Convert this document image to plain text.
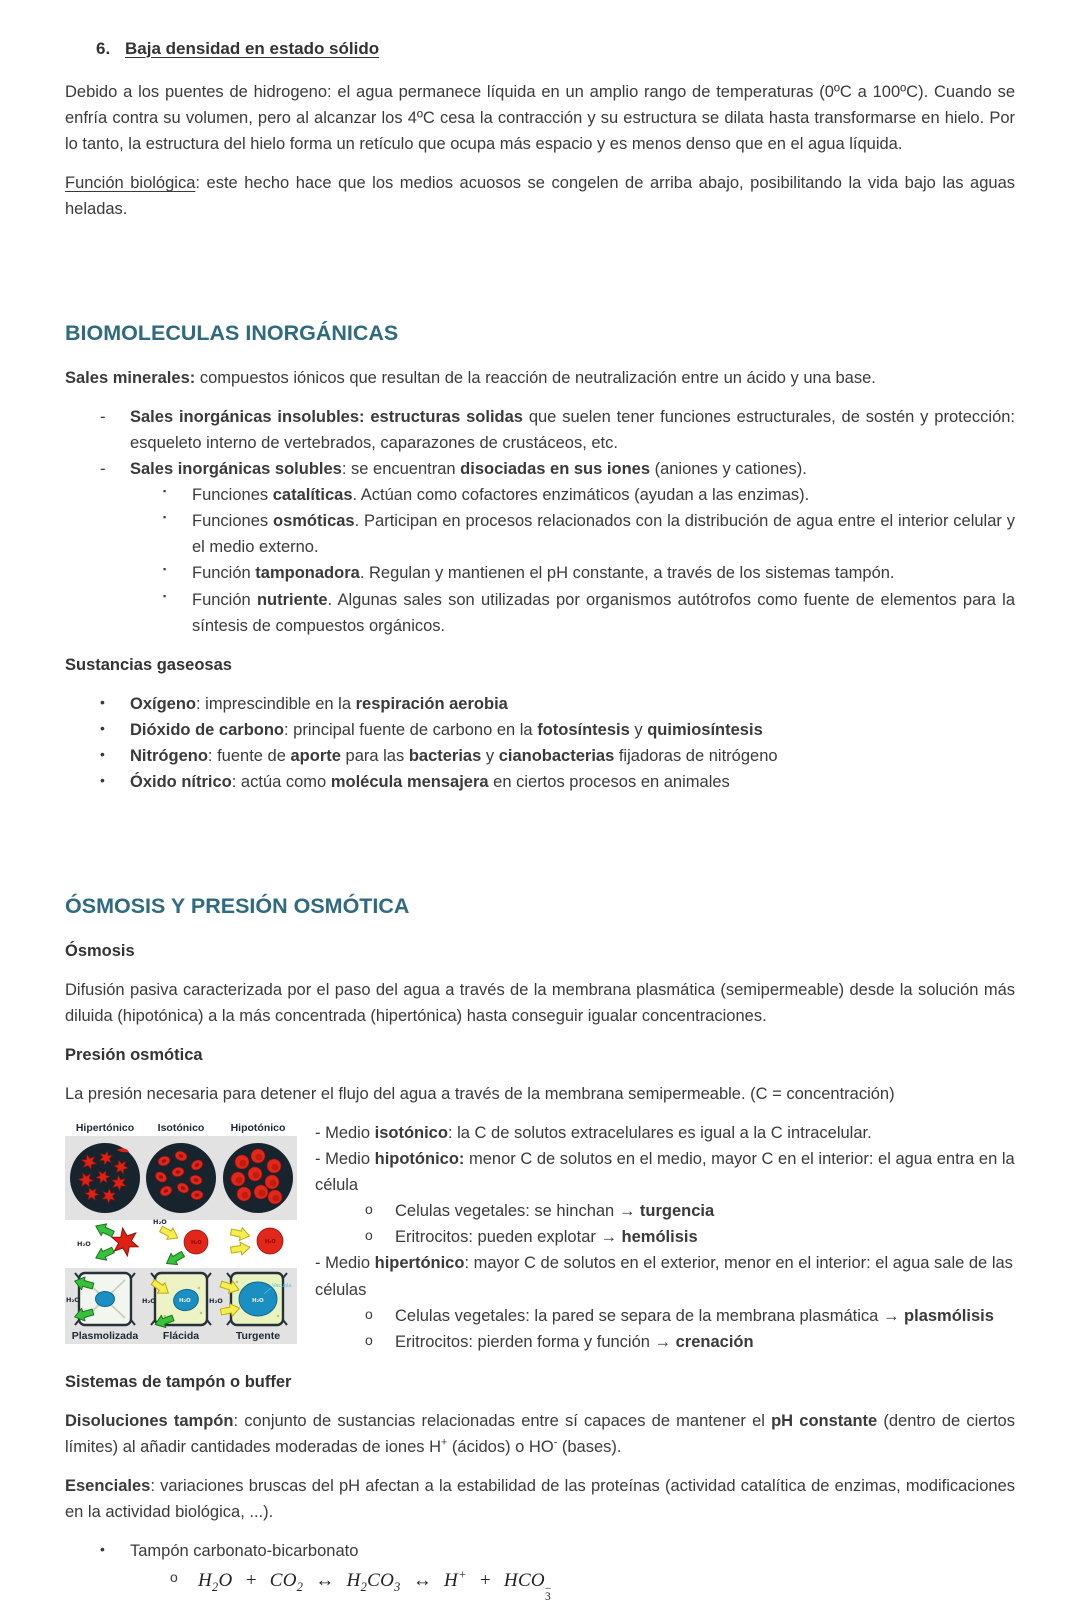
6. Baja densidad en estado sólido

Debido a los puentes de hidrogeno: el agua permanece líquida en un amplio rango de temperaturas (0ºC a 100ºC). Cuando se enfría contra su volumen, pero al alcanzar los 4ºC cesa la contracción y su estructura se dilata hasta transformarse en hielo. Por lo tanto, la estructura del hielo forma un retículo que ocupa más espacio y es menos denso que en el agua líquida.

Función biológica: este hecho hace que los medios acuosos se congelen de arriba abajo, posibilitando la vida bajo las aguas heladas.

BIOMOLECULAS INORGÁNICAS

Sales minerales: compuestos iónicos que resultan de la reacción de neutralización entre un ácido y una base.

- Sales inorgánicas insolubles: estructuras solidas que suelen tener funciones estructurales, de sostén y protección: esqueleto interno de vertebrados, caparazones de crustáceos, etc.
- Sales inorgánicas solubles: se encuentran disociadas en sus iones (aniones y cationes).
▪ Funciones catalíticas. Actúan como cofactores enzimáticos (ayudan a las enzimas).
▪ Funciones osmóticas. Participan en procesos relacionados con la distribución de agua entre el interior celular y el medio externo.
▪ Función tamponadora. Regulan y mantienen el pH constante, a través de los sistemas tampón.
▪ Función nutriente. Algunas sales son utilizadas por organismos autótrofos como fuente de elementos para la síntesis de compuestos orgánicos.
Sustancias gaseosas
• Oxígeno: imprescindible en la respiración aerobia
• Dióxido de carbono: principal fuente de carbono en la fotosíntesis y quimiosíntesis
• Nitrógeno: fuente de aporte para las bacterias y cianobacterias fijadoras de nitrógeno
• Óxido nítrico: actúa como molécula mensajera en ciertos procesos en animales
ÓSMOSIS Y PRESIÓN OSMÓTICA
Ósmosis

Difusión pasiva caracterizada por el paso del agua a través de la membrana plasmática (semipermeable) desde la solución más diluida (hipotónica) a la más concentrada (hipertónica) hasta conseguir igualar concentraciones.

Presión osmótica

La presión necesaria para detener el flujo del agua a través de la membrana semipermeable. (C = concentración)

Hipertónico Isotónico	Hipotónico
H₂O
H₂O
H₂O	H₂O
H₂O	H₂O
H₂O	H₂O
H₂O
Vacuola
Plasmolizada Flácida	Turgente

- Medio isotónico: la C de solutos extracelulares es igual a la C intracelular.

- Medio hipotónico: menor C de solutos en el medio, mayor C en el interior: el agua entra en la célula

o Celulas vegetales: se hinchan → turgencia
o Eritrocitos: pueden explotar → hemólisis

- Medio hipertónico: mayor C de solutos en el exterior, menor en el interior: el agua sale de las células

o Celulas vegetales: la pared se separa de la membrana plasmática → plasmólisis
o Eritrocitos: pierden forma y función → crenación
Sistemas de tampón o buffer

Disoluciones tampón: conjunto de sustancias relacionadas entre sí capaces de mantener el pH constante (dentro de ciertos límites) al añadir cantidades moderadas de iones H+ (ácidos) o HO- (bases).

Esenciales: variaciones bruscas del pH afectan a la estabilidad de las proteínas (actividad catalítica de enzimas, modificaciones en la actividad biológica, ...).

• Tampón carbonato-bicarbonato
o $H_2O + CO_2$ ↔ $H_2CO_3$ ↔ H+ + HCO −
3
